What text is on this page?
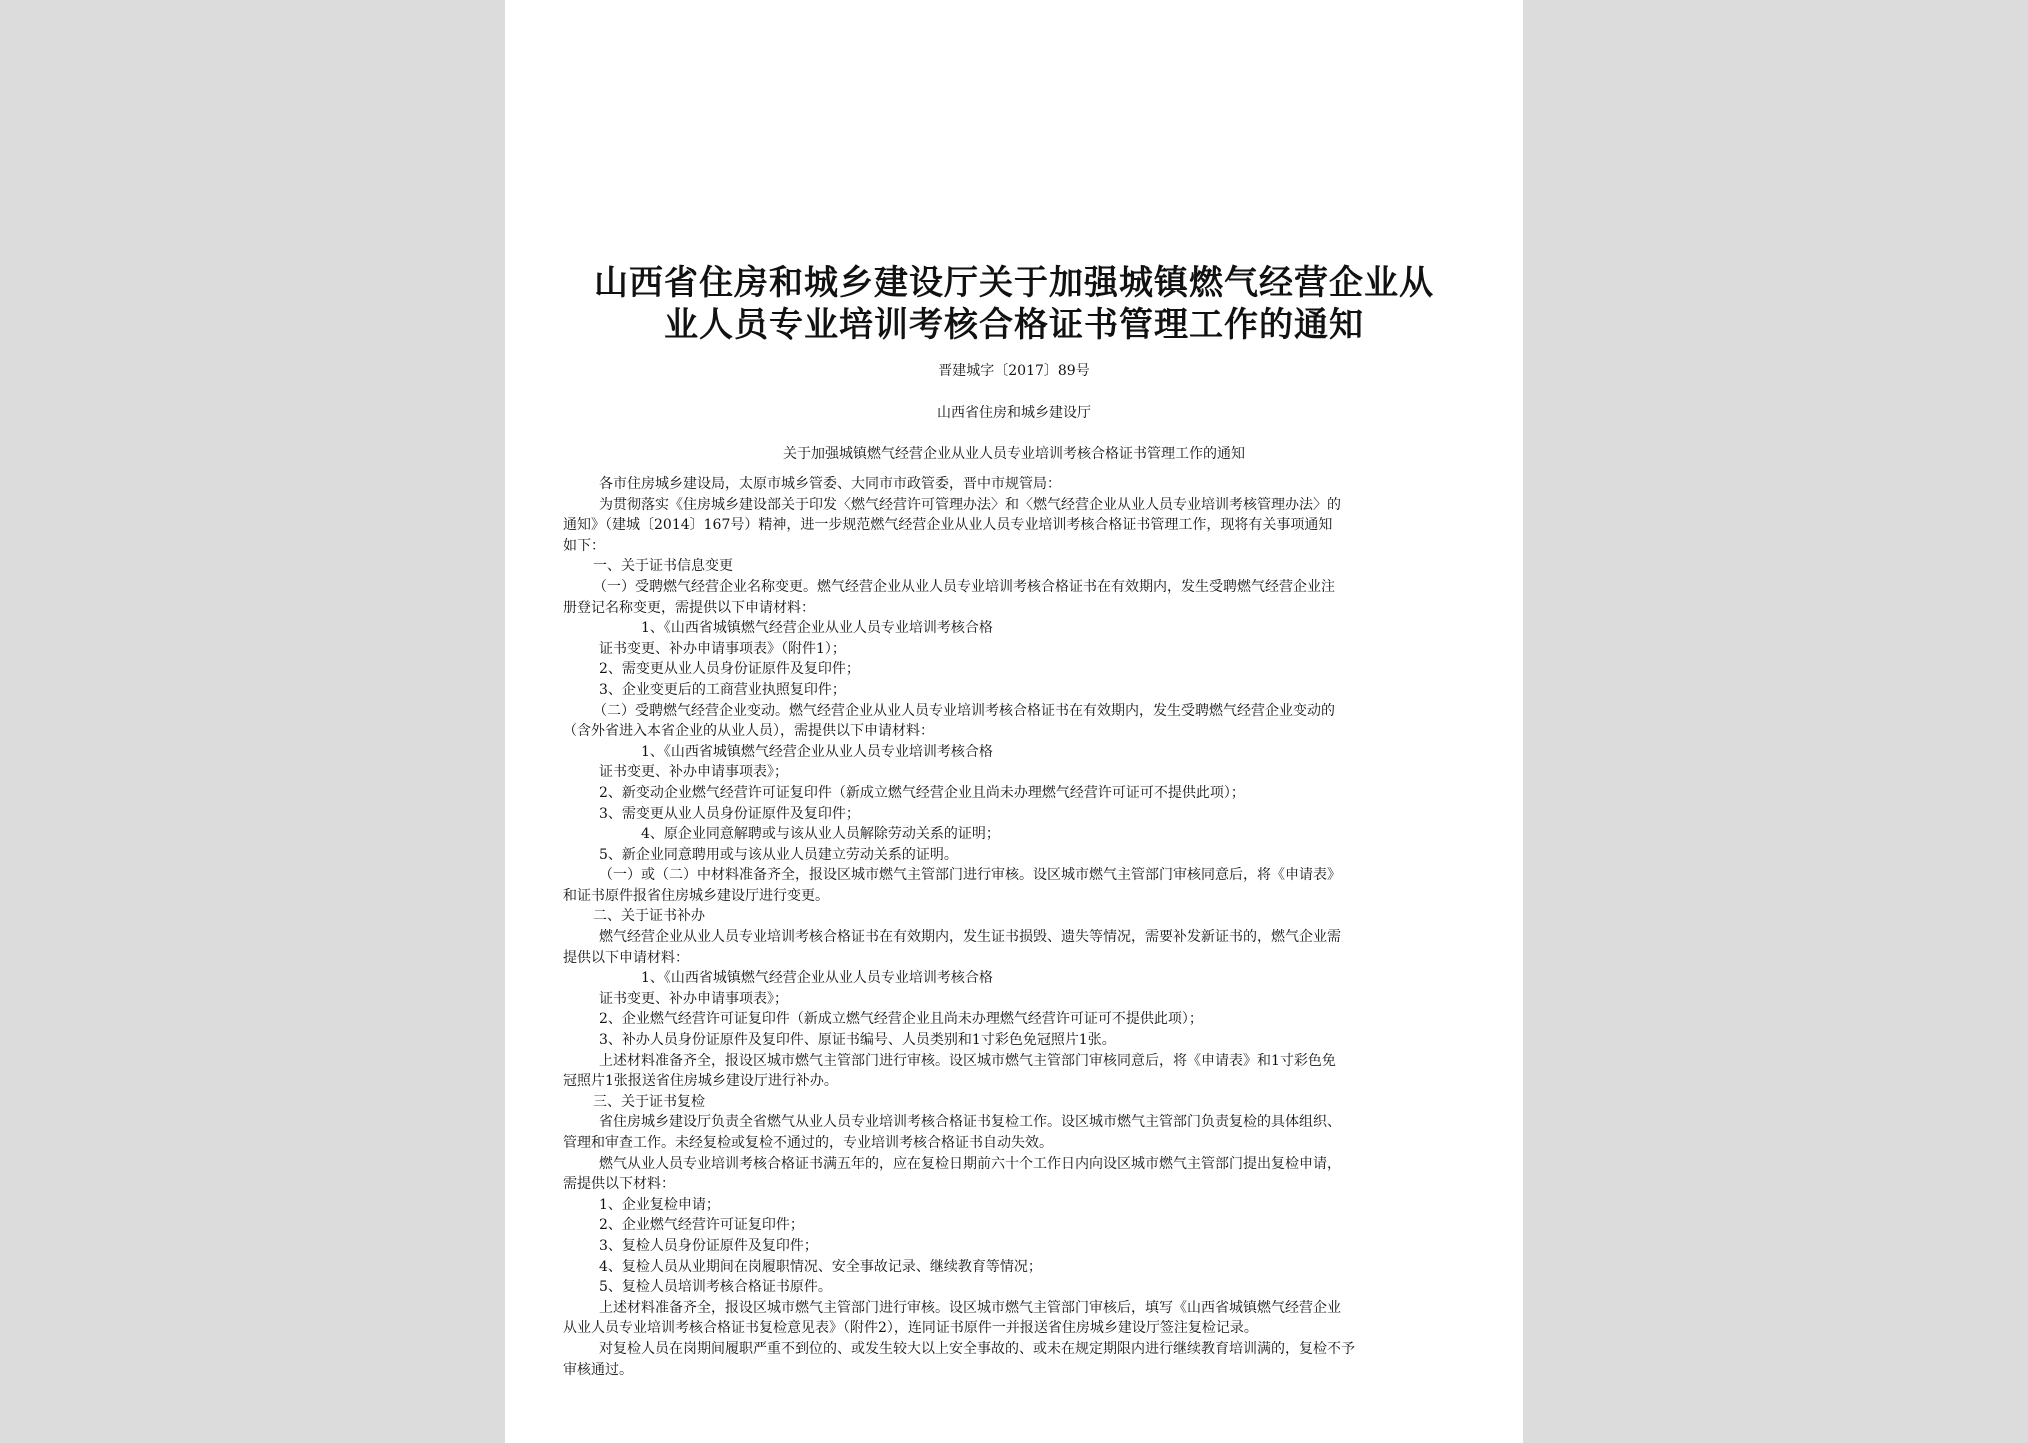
山西省住房和城乡建设厅关于加强城镇燃气经营企业从
业人员专业培训考核合格证书管理工作的通知
晋建城字〔2017〕89号
山西省住房和城乡建设厅
关于加强城镇燃气经营企业从业人员专业培训考核合格证书管理工作的通知
各市住房城乡建设局，太原市城乡管委、大同市市政管委，晋中市规管局：
为贯彻落实《住房城乡建设部关于印发〈燃气经营许可管理办法〉和〈燃气经营企业从业人员专业培训考核管理办法〉的
通知》（建城〔2014〕167号）精神，进一步规范燃气经营企业从业人员专业培训考核合格证书管理工作，现将有关事项通知
如下：
一、关于证书信息变更
（一）受聘燃气经营企业名称变更。燃气经营企业从业人员专业培训考核合格证书在有效期内，发生受聘燃气经营企业注
册登记名称变更，需提供以下申请材料：
1、《山西省城镇燃气经营企业从业人员专业培训考核合格
证书变更、补办申请事项表》（附件1）；
2、需变更从业人员身份证原件及复印件；
3、企业变更后的工商营业执照复印件；
（二）受聘燃气经营企业变动。燃气经营企业从业人员专业培训考核合格证书在有效期内，发生受聘燃气经营企业变动的
（含外省进入本省企业的从业人员），需提供以下申请材料：
1、《山西省城镇燃气经营企业从业人员专业培训考核合格
证书变更、补办申请事项表》；
2、新变动企业燃气经营许可证复印件（新成立燃气经营企业且尚未办理燃气经营许可证可不提供此项）；
3、需变更从业人员身份证原件及复印件；
4、原企业同意解聘或与该从业人员解除劳动关系的证明；
5、新企业同意聘用或与该从业人员建立劳动关系的证明。
（一）或（二）中材料准备齐全，报设区城市燃气主管部门进行审核。设区城市燃气主管部门审核同意后，将《申请表》
和证书原件报省住房城乡建设厅进行变更。
二、关于证书补办
燃气经营企业从业人员专业培训考核合格证书在有效期内，发生证书损毁、遗失等情况，需要补发新证书的，燃气企业需
提供以下申请材料：
1、《山西省城镇燃气经营企业从业人员专业培训考核合格
证书变更、补办申请事项表》；
2、企业燃气经营许可证复印件（新成立燃气经营企业且尚未办理燃气经营许可证可不提供此项）；
3、补办人员身份证原件及复印件、原证书编号、人员类别和1寸彩色免冠照片1张。
上述材料准备齐全，报设区城市燃气主管部门进行审核。设区城市燃气主管部门审核同意后，将《申请表》和1寸彩色免
冠照片1张报送省住房城乡建设厅进行补办。
三、关于证书复检
省住房城乡建设厅负责全省燃气从业人员专业培训考核合格证书复检工作。设区城市燃气主管部门负责复检的具体组织、
管理和审查工作。未经复检或复检不通过的，专业培训考核合格证书自动失效。
燃气从业人员专业培训考核合格证书满五年的，应在复检日期前六十个工作日内向设区城市燃气主管部门提出复检申请，
需提供以下材料：
1、企业复检申请；
2、企业燃气经营许可证复印件；
3、复检人员身份证原件及复印件；
4、复检人员从业期间在岗履职情况、安全事故记录、继续教育等情况；
5、复检人员培训考核合格证书原件。
上述材料准备齐全，报设区城市燃气主管部门进行审核。设区城市燃气主管部门审核后，填写《山西省城镇燃气经营企业
从业人员专业培训考核合格证书复检意见表》（附件2），连同证书原件一并报送省住房城乡建设厅签注复检记录。
对复检人员在岗期间履职严重不到位的、或发生较大以上安全事故的、或未在规定期限内进行继续教育培训满的，复检不予
审核通过。
